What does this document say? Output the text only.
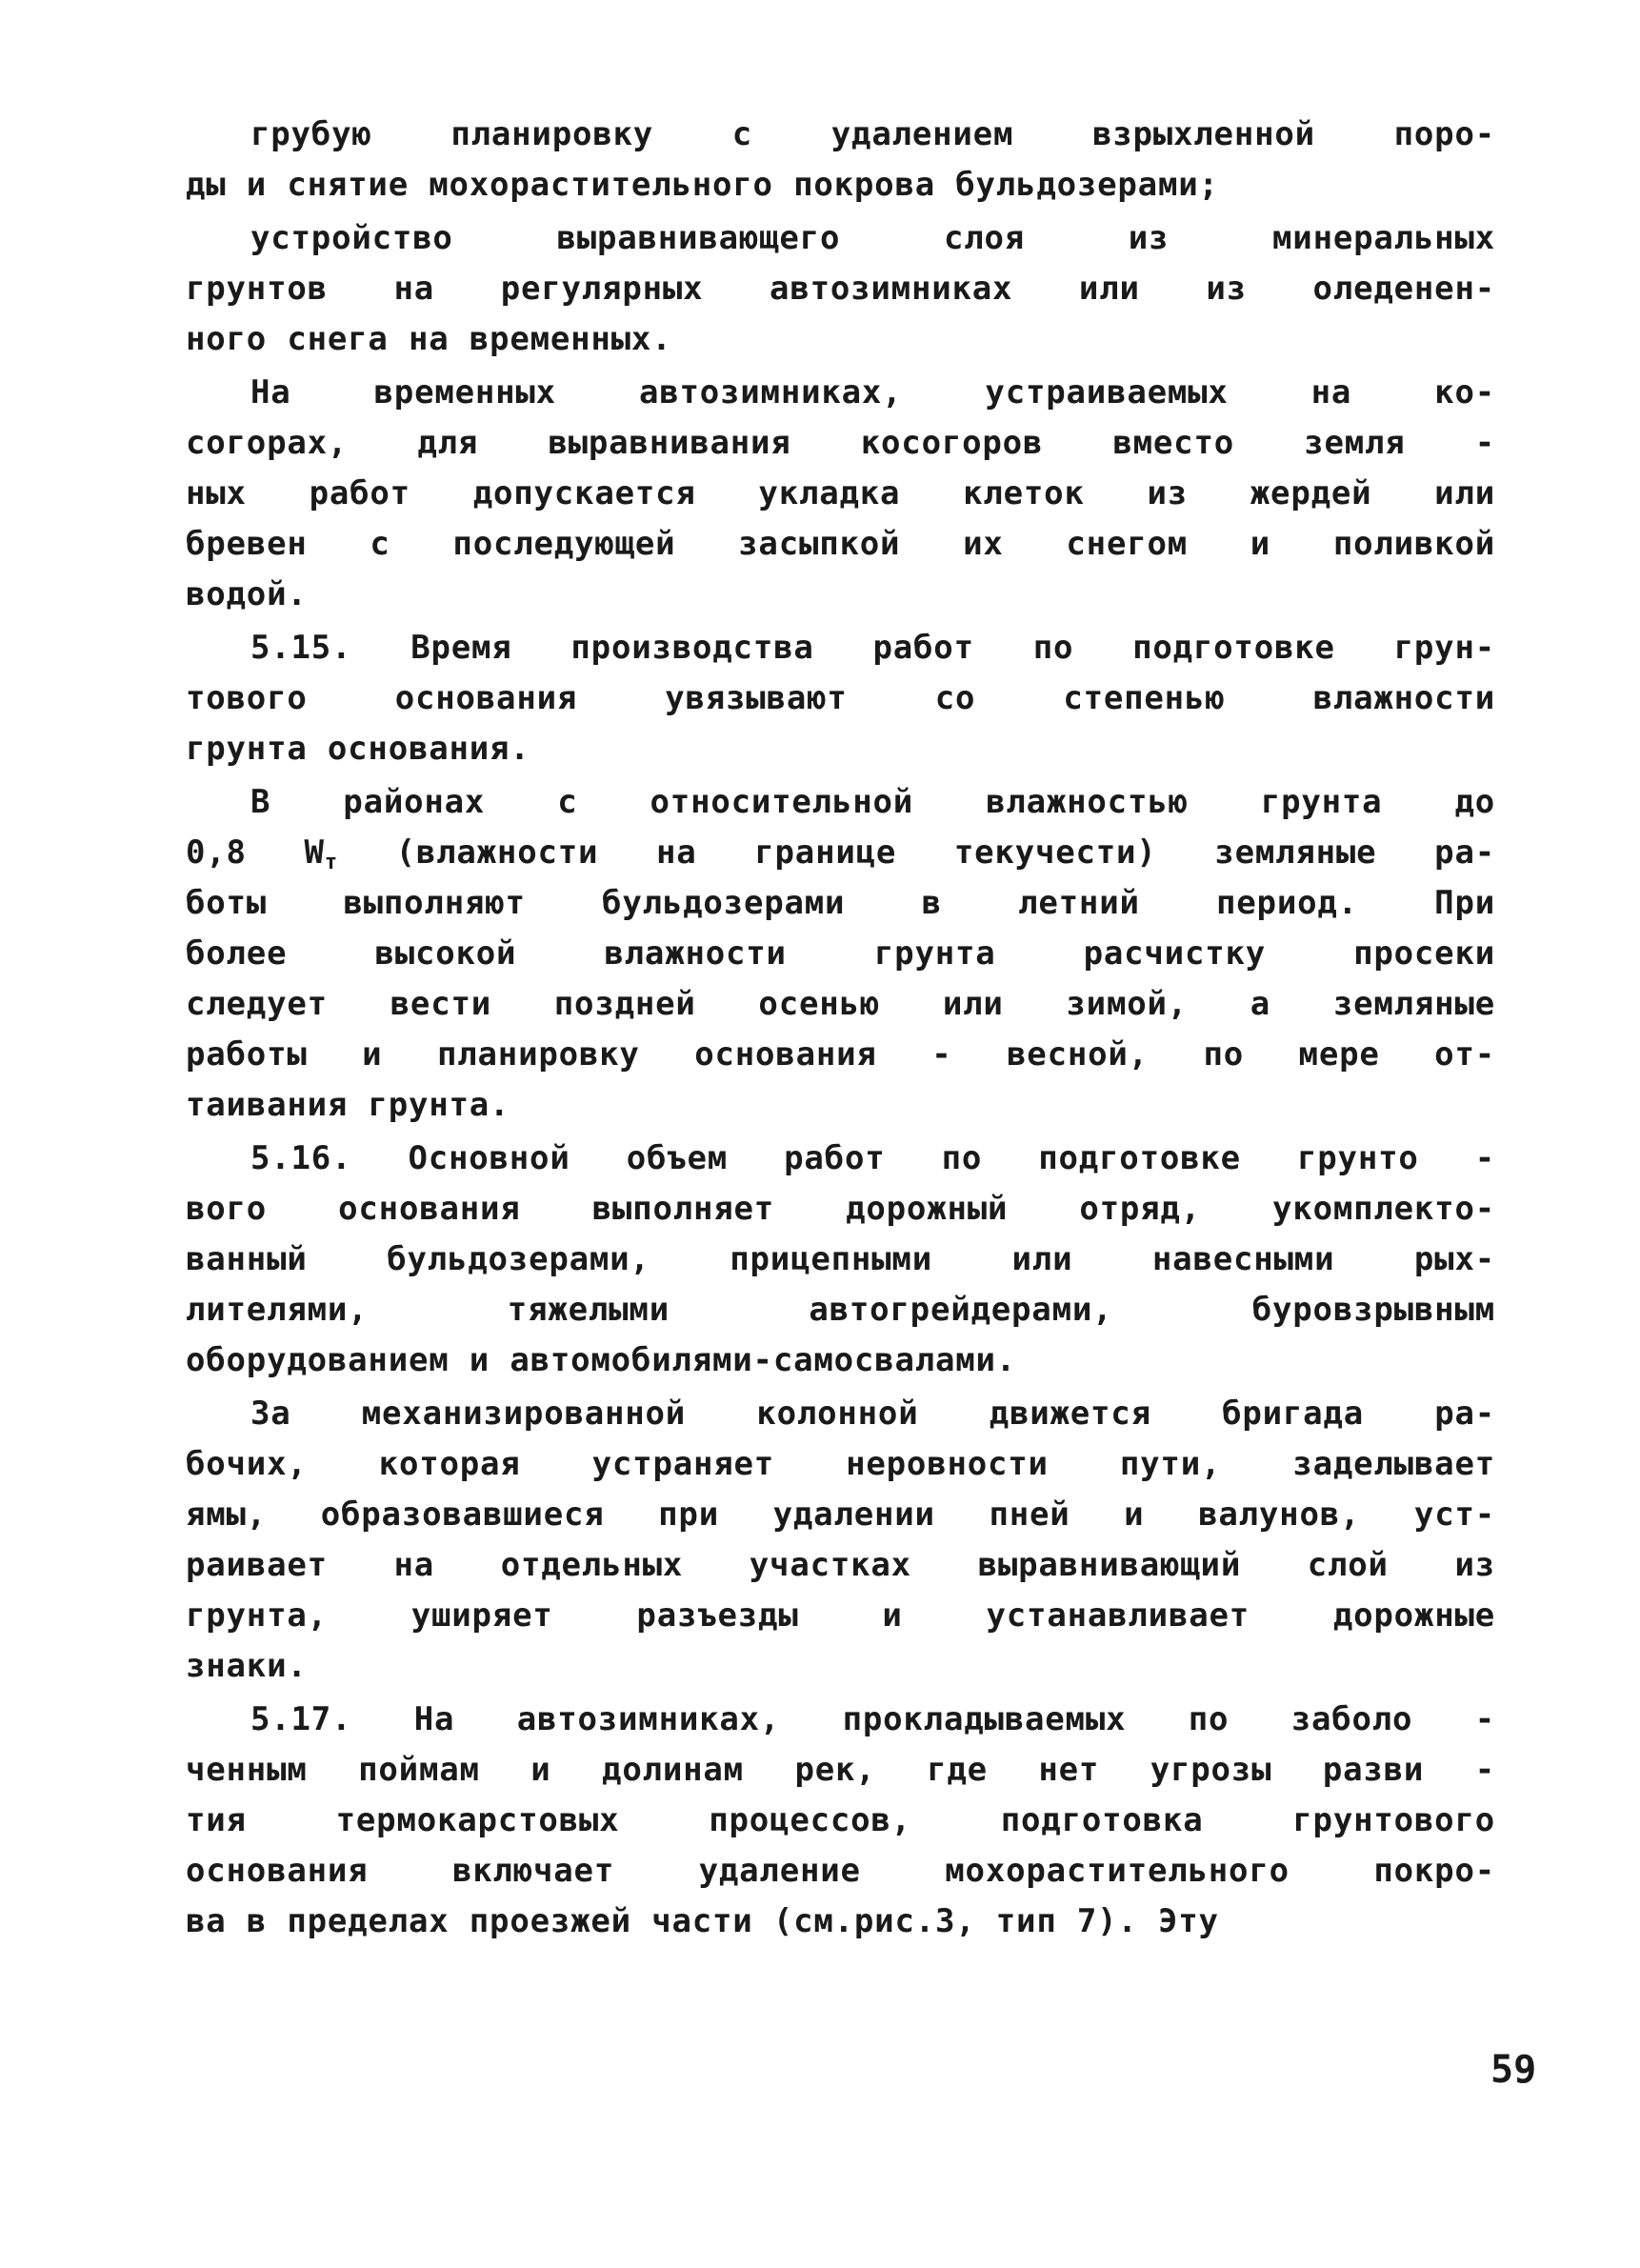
грубую планировку с удалением взрыхленной поро-
ды и снятие мохорастительного покрова бульдозерами;
устройство выравнивающего слоя из минеральных
грунтов на регулярных автозимниках или из оледенен-
ного снега на временных.
На временных автозимниках, устраиваемых на ко-
согорах, для выравнивания косогоров вместо земля -
ных работ допускается укладка клеток из жердей или
бревен с последующей засыпкой их снегом и поливкой
водой.
5.15. Время производства работ по подготовке грун-
тового основания увязывают со степенью влажности
грунта основания.
В районах с относительной влажностью грунта до
0,8 $W_т$ (влажности на границе текучести) земляные ра-
боты выполняют бульдозерами в летний период. При
более высокой влажности грунта расчистку просеки
следует вести поздней осенью или зимой, а земляные
работы и планировку основания - весной, по мере от-
таивания грунта.
5.16. Основной объем работ по подготовке грунто -
вого основания выполняет дорожный отряд, укомплекто-
ванный бульдозерами, прицепными или навесными рых-
лителями, тяжелыми автогрейдерами, буровзрывным
оборудованием и автомобилями-самосвалами.
За механизированной колонной движется бригада ра-
бочих, которая устраняет неровности пути, заделывает
ямы, образовавшиеся при удалении пней и валунов, уст-
раивает на отдельных участках выравнивающий слой из
грунта, уширяет разъезды и устанавливает дорожные
знаки.
5.17. На автозимниках, прокладываемых по заболо -
ченным поймам и долинам рек, где нет угрозы разви -
тия термокарстовых процессов, подготовка грунтового
основания включает удаление мохорастительного покро-
ва в пределах проезжей части (см.рис.3, тип 7). Эту
59
